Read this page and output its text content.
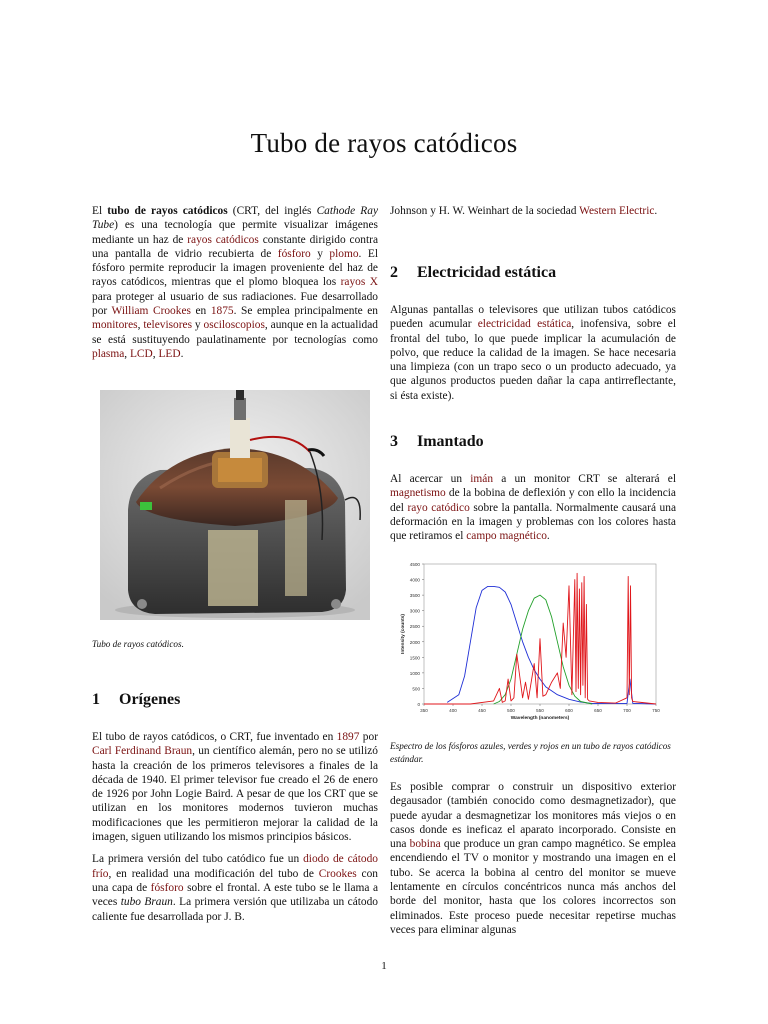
Tubo de rayos catódicos

El tubo de rayos catódicos (CRT, del inglés Cathode Ray Tube) es una tecnología que permite visualizar imágenes mediante un haz de rayos catódicos constante dirigido contra una pantalla de vidrio recubierta de fósforo y plomo. El fósforo permite reproducir la imagen proveniente del haz de rayos catódicos, mientras que el plomo bloquea los rayos X para proteger al usuario de sus radiaciones. Fue desarrollado por William Crookes en 1875. Se emplea principalmente en monitores, televisores y osciloscopios, aunque en la actualidad se está sustituyendo paulatinamente por tecnologías como plasma, LCD, LED.

Tubo de rayos catódicos.
1 Orígenes

El tubo de rayos catódicos, o CRT, fue inventado en 1897 por Carl Ferdinand Braun, un científico alemán, pero no se utilizó hasta la creación de los primeros televisores a finales de la década de 1940. El primer televisor fue creado el 26 de enero de 1926 por John Logie Baird. A pesar de que los CRT que se utilizan en los monitores modernos tuvieron muchas modificaciones que les permitieron mejorar la calidad de la imagen, siguen utilizando los mismos principios básicos.

La primera versión del tubo catódico fue un diodo de cátodo frío, en realidad una modificación del tubo de Crookes con una capa de fósforo sobre el frontal. A este tubo se le llama a veces tubo Braun. La primera versión que utilizaba un cátodo caliente fue desarrollada por J. B.

Johnson y H. W. Weinhart de la sociedad Western Electric.

2 Electricidad estática

Algunas pantallas o televisores que utilizan tubos catódicos pueden acumular electricidad estática, inofensiva, sobre el frontal del tubo, lo que puede implicar la acumulación de polvo, que reduce la calidad de la imagen. Se hace necesaria una limpieza (con un trapo seco o un producto adecuado, ya que algunos productos pueden dañar la capa antirreflectante, si ésta existe).

3 Imantado

Al acercar un imán a un monitor CRT se alterará el magnetismo de la bobina de deflexión y con ello la incidencia del rayo catódico sobre la pantalla. Normalmente causará una deformación en la imagen y problemas con los colores hasta que retiramos el campo magnético.

0
500
1000
1500
2000
2500
3000
3500
4000
4500
350	400	450	500	550	600	650	700	750
Wavelength (nanometers)
Intensity (counts)
Espectro de los fósforos azules, verdes y rojos en un tubo de rayos catódicos estándar.

Es posible comprar o construir un dispositivo exterior degausador (también conocido como desmagnetizador), que puede ayudar a desmagnetizar los monitores más viejos o en casos donde es ineficaz el aparato incorporado. Consiste en una bobina que produce un gran campo magnético. Se emplea encendiendo el TV o monitor y mostrando una imagen en el tubo. Se acerca la bobina al centro del monitor se mueve lentamente en círculos concéntricos nunca más anchos del borde del monitor, hasta que los colores incorrectos son eliminados. Este proceso puede necesitar repetirse muchas veces para eliminar algunas

1
